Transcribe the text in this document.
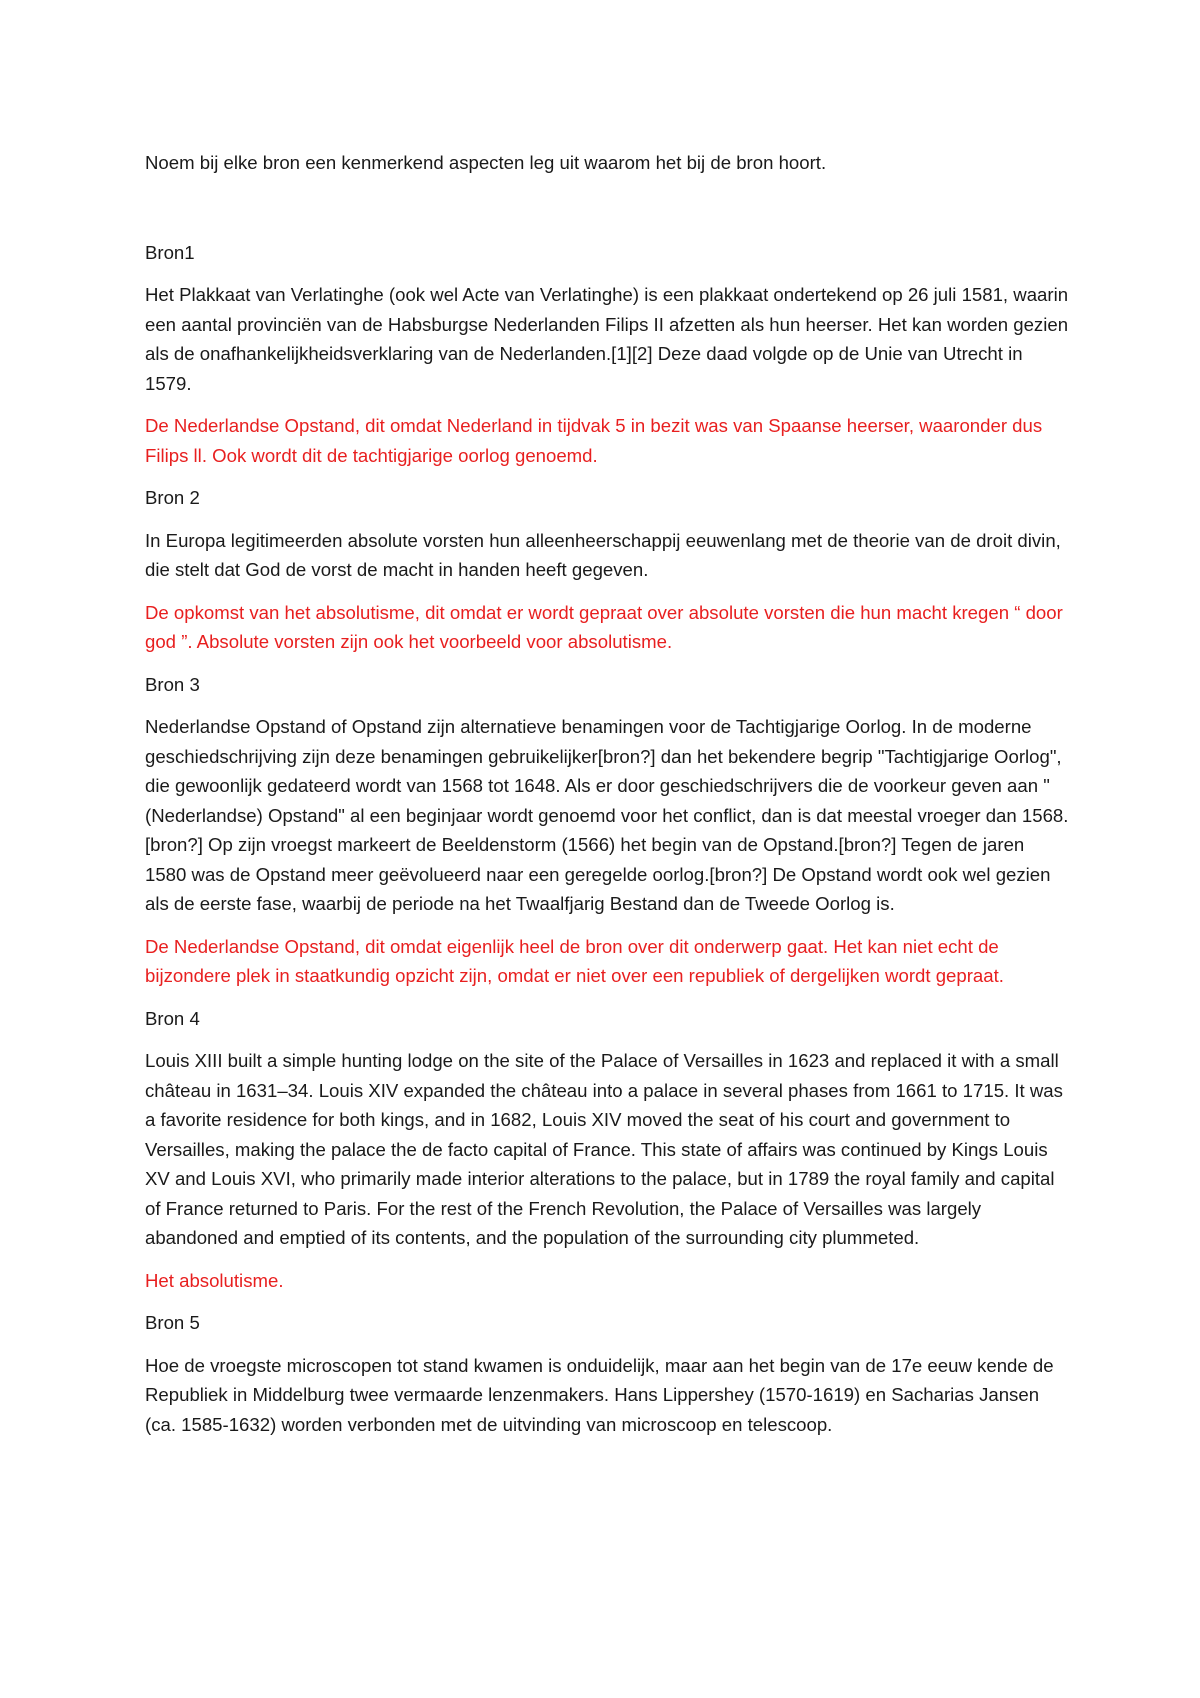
Noem bij elke bron een kenmerkend aspecten leg uit waarom het bij de bron hoort.

Bron1

Het Plakkaat van Verlatinghe (ook wel Acte van Verlatinghe) is een plakkaat ondertekend op 26 juli 1581, waarin een aantal provinciën van de Habsburgse Nederlanden Filips II afzetten als hun heerser. Het kan worden gezien als de onafhankelijkheidsverklaring van de Nederlanden.[1][2] Deze daad volgde op de Unie van Utrecht in 1579.

De Nederlandse Opstand, dit omdat Nederland in tijdvak 5 in bezit was van Spaanse heerser, waaronder dus Filips ll. Ook wordt dit de tachtigjarige oorlog genoemd.

Bron 2

In Europa legitimeerden absolute vorsten hun alleenheerschappij eeuwenlang met de theorie van de droit divin, die stelt dat God de vorst de macht in handen heeft gegeven.

De opkomst van het absolutisme, dit omdat er wordt gepraat over absolute vorsten die hun macht kregen “ door god ”. Absolute vorsten zijn ook het voorbeeld voor absolutisme.

Bron 3

Nederlandse Opstand of Opstand zijn alternatieve benamingen voor de Tachtigjarige Oorlog. In de moderne geschiedschrijving zijn deze benamingen gebruikelijker[bron?] dan het bekendere begrip "Tachtigjarige Oorlog", die gewoonlijk gedateerd wordt van 1568 tot 1648. Als er door geschiedschrijvers die de voorkeur geven aan "(Nederlandse) Opstand" al een beginjaar wordt genoemd voor het conflict, dan is dat meestal vroeger dan 1568.[bron?] Op zijn vroegst markeert de Beeldenstorm (1566) het begin van de Opstand.[bron?] Tegen de jaren 1580 was de Opstand meer geëvolueerd naar een geregelde oorlog.[bron?] De Opstand wordt ook wel gezien als de eerste fase, waarbij de periode na het Twaalfjarig Bestand dan de Tweede Oorlog is.

De Nederlandse Opstand, dit omdat eigenlijk heel de bron over dit onderwerp gaat. Het kan niet echt de bijzondere plek in staatkundig opzicht zijn, omdat er niet over een republiek of dergelijken wordt gepraat.

Bron 4

Louis XIII built a simple hunting lodge on the site of the Palace of Versailles in 1623 and replaced it with a small château in 1631–34. Louis XIV expanded the château into a palace in several phases from 1661 to 1715. It was a favorite residence for both kings, and in 1682, Louis XIV moved the seat of his court and government to Versailles, making the palace the de facto capital of France. This state of affairs was continued by Kings Louis XV and Louis XVI, who primarily made interior alterations to the palace, but in 1789 the royal family and capital of France returned to Paris. For the rest of the French Revolution, the Palace of Versailles was largely abandoned and emptied of its contents, and the population of the surrounding city plummeted.

Het absolutisme.

Bron 5

Hoe de vroegste microscopen tot stand kwamen is onduidelijk, maar aan het begin van de 17e eeuw kende de Republiek in Middelburg twee vermaarde lenzenmakers. Hans Lippershey (1570-1619) en Sacharias Jansen (ca. 1585-1632) worden verbonden met de uitvinding van microscoop en telescoop.
